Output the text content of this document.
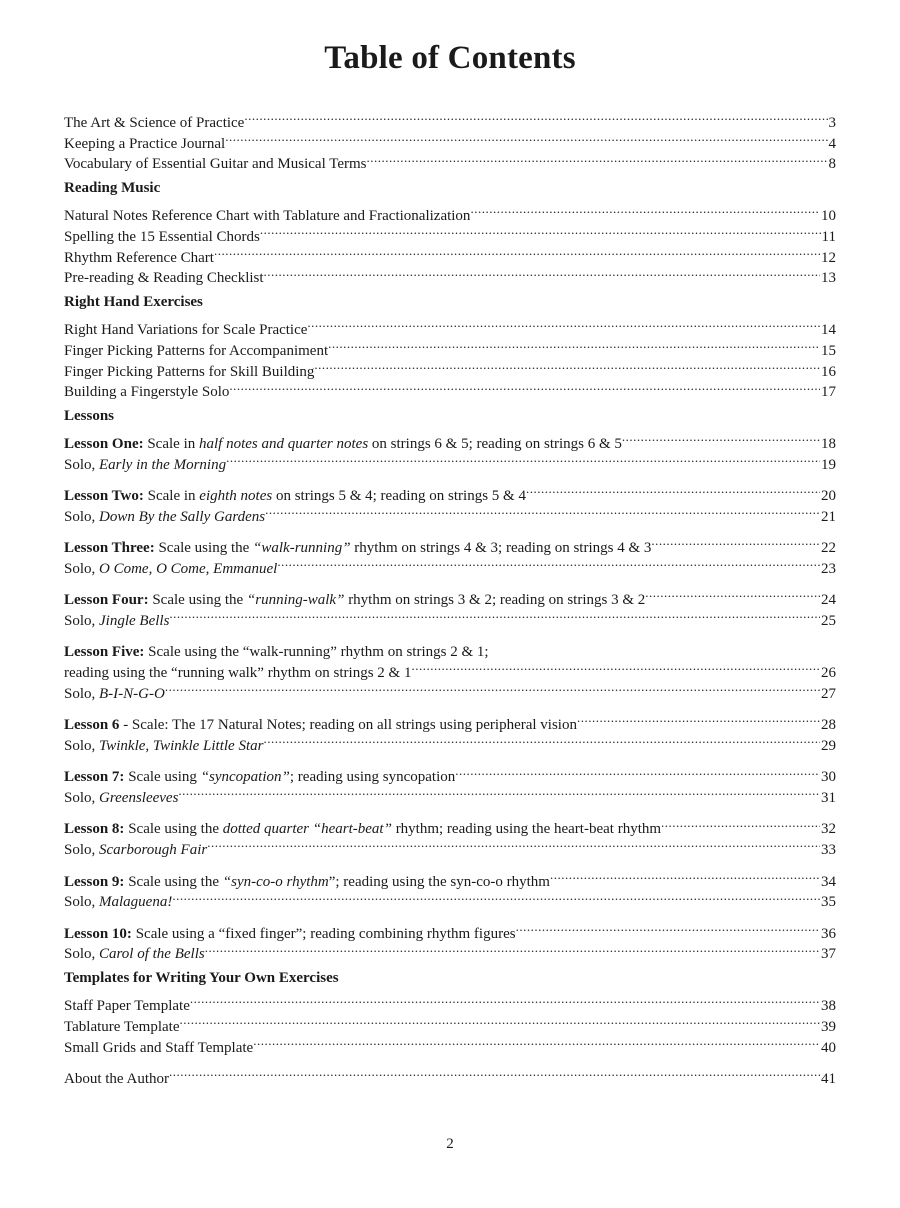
Table of Contents
The Art & Science of Practice .....	3
Keeping a Practice Journal .....	4
Vocabulary of Essential Guitar and Musical Terms .....	8
Reading Music
Natural Notes Reference Chart with Tablature and Fractionalization .....	10
Spelling the 15 Essential Chords .....	11
Rhythm Reference Chart .....	12
Pre-reading & Reading Checklist .....	13
Right Hand Exercises
Right Hand Variations for Scale Practice .....	14
Finger Picking Patterns for Accompaniment .....	15
Finger Picking Patterns for Skill Building .....	16
Building a Fingerstyle Solo .....	17
Lessons
Lesson One: Scale in half notes and quarter notes on strings 6 & 5; reading on strings 6 & 5 .....	18
Solo, Early in the Morning .....	19
Lesson Two: Scale in eighth notes on strings 5 & 4; reading on strings 5 & 4 .....	20
Solo, Down By the Sally Gardens .....	21
Lesson Three: Scale using the “walk-running” rhythm on strings 4 & 3; reading on strings 4 & 3 .....	22
Solo, O Come, O Come, Emmanuel .....	23
Lesson Four: Scale using the “running-walk” rhythm on strings 3 & 2; reading on strings 3 & 2 .....	24
Solo, Jingle Bells .....	25
Lesson Five: Scale using the “walk-running” rhythm on strings 2 & 1;
reading using the “running walk” rhythm on strings 2 & 1 .....	26
Solo, B-I-N-G-O .....	27
Lesson 6 - Scale: The 17 Natural Notes; reading on all strings using peripheral vision .....	28
Solo, Twinkle, Twinkle Little Star .....	29
Lesson 7: Scale using “syncopation”; reading using syncopation .....	30
Solo, Greensleeves .....	31
Lesson 8: Scale using the dotted quarter “heart-beat” rhythm; reading using the heart-beat rhythm .....	32
Solo, Scarborough Fair .....	33
Lesson 9: Scale using the “syn-co-o rhythm”; reading using the syn-co-o rhythm .....	34
Solo, Malaguena! .....	35
Lesson 10: Scale using a “fixed finger”; reading combining rhythm figures .....	36
Solo, Carol of the Bells .....	37
Templates for Writing Your Own Exercises
Staff Paper Template .....	38
Tablature Template .....	39
Small Grids and Staff Template .....	40
About the Author .....	41
2
